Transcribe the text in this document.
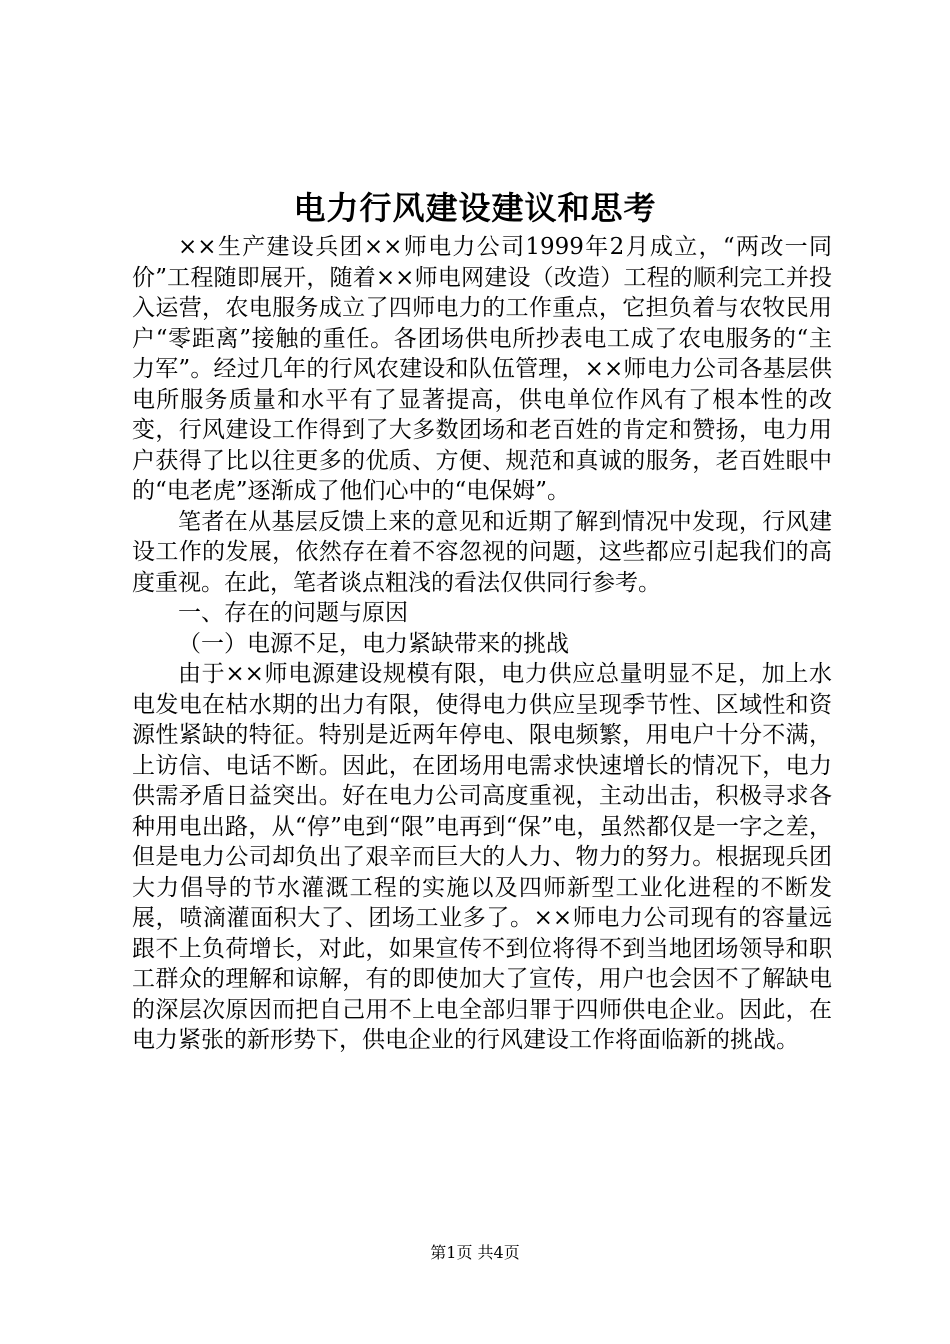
电力行风建设建议和思考

××生产建设兵团××师电力公司1999年2月成立，“两改一同价”工程随即展开，随着××师电网建设（改造）工程的顺利完工并投入运营，农电服务成立了四师电力的工作重点，它担负着与农牧民用户“零距离”接触的重任。各团场供电所抄表电工成了农电服务的“主力军”。经过几年的行风农建设和队伍管理，××师电力公司各基层供电所服务质量和水平有了显著提高，供电单位作风有了根本性的改变，行风建设工作得到了大多数团场和老百姓的肯定和赞扬，电力用户获得了比以往更多的优质、方便、规范和真诚的服务，老百姓眼中的“电老虎”逐渐成了他们心中的“电保姆”。

笔者在从基层反馈上来的意见和近期了解到情况中发现，行风建设工作的发展，依然存在着不容忽视的问题，这些都应引起我们的高度重视。在此，笔者谈点粗浅的看法仅供同行参考。

一、存在的问题与原因

（一）电源不足，电力紧缺带来的挑战

由于××师电源建设规模有限，电力供应总量明显不足，加上水电发电在枯水期的出力有限，使得电力供应呈现季节性、区域性和资源性紧缺的特征。特别是近两年停电、限电频繁，用电户十分不满，上访信、电话不断。因此，在团场用电需求快速增长的情况下，电力供需矛盾日益突出。好在电力公司高度重视，主动出击，积极寻求各种用电出路，从“停”电到“限”电再到“保”电，虽然都仅是一字之差，但是电力公司却负出了艰辛而巨大的人力、物力的努力。根据现兵团大力倡导的节水灌溉工程的实施以及四师新型工业化进程的不断发展，喷滴灌面积大了、团场工业多了。××师电力公司现有的容量远跟不上负荷增长，对此，如果宣传不到位将得不到当地团场领导和职工群众的理解和谅解，有的即使加大了宣传，用户也会因不了解缺电的深层次原因而把自己用不上电全部归罪于四师供电企业。因此，在电力紧张的新形势下，供电企业的行风建设工作将面临新的挑战。

第1页 共4页
